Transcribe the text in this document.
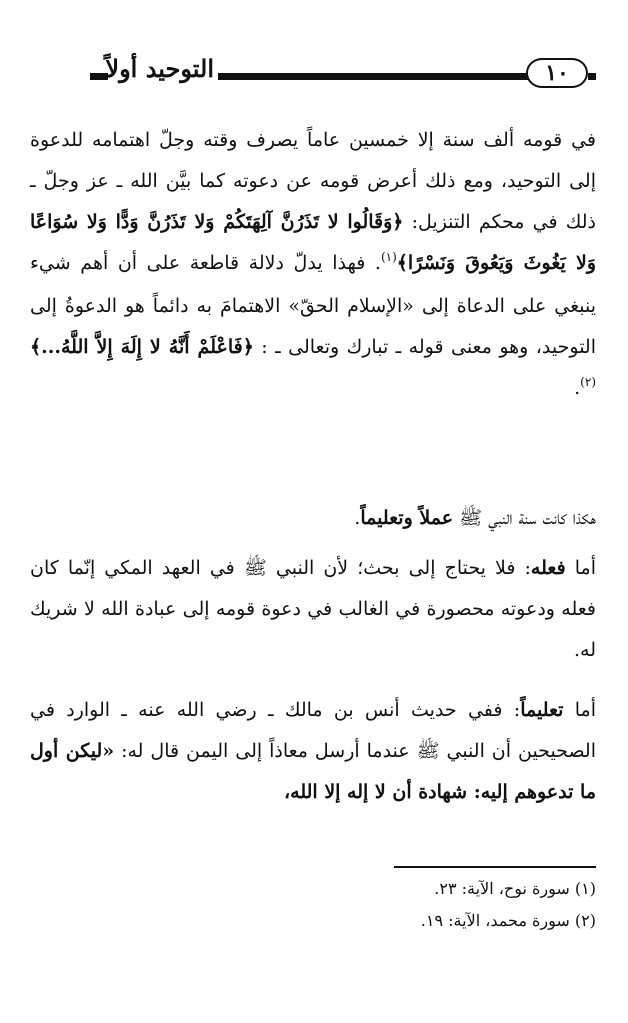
التوحيد أولاً	١٠

في قومه ألف سنة إلا خمسين عاماً يصرف وقته وجلّ اهتمامه للدعوة إلى التوحيد، ومع ذلك أعرض قومه عن دعوته كما بيَّن الله ـ عز وجلّ ـ ذلك في محكم التنزيل: ﴿وَقَالُوا لا تَذَرُنَّ آلِهَتَكُمْ وَلا تَذَرُنَّ وَدًّا وَلا سُوَاعًا وَلا يَغُوثَ وَيَعُوقَ وَنَسْرًا﴾$^{(١)}$. فهذا يدلّ دلالة قاطعة على أن أهم شيء ينبغي على الدعاة إلى «الإسلام الحقّ» الاهتمامَ به دائماً هو الدعوةُ إلى التوحيد، وهو معنى قوله ـ تبارك وتعالى ـ : ﴿فَاعْلَمْ أَنَّهُ لا إِلَهَ إِلاَّ اللَّهُ...﴾$^{(٢)}$.

هكذا كانت سنة النبي ﷺ عملاً وتعليماً.

أما فعله: فلا يحتاج إلى بحث؛ لأن النبي ﷺ في العهد المكي إنّما كان فعله ودعوته محصورة في الغالب في دعوة قومه إلى عبادة الله لا شريك له.

أما تعليماً: ففي حديث أنس بن مالك ـ رضي الله عنه ـ الوارد في الصحيحين أن النبي ﷺ عندما أرسل معاذاً إلى اليمن قال له: «ليكن أول ما تدعوهم إليه: شهادة أن لا إله إلا الله،

(١) سورة نوح، الآية: ٢٣.
(٢) سورة محمد، الآية: ١٩.
